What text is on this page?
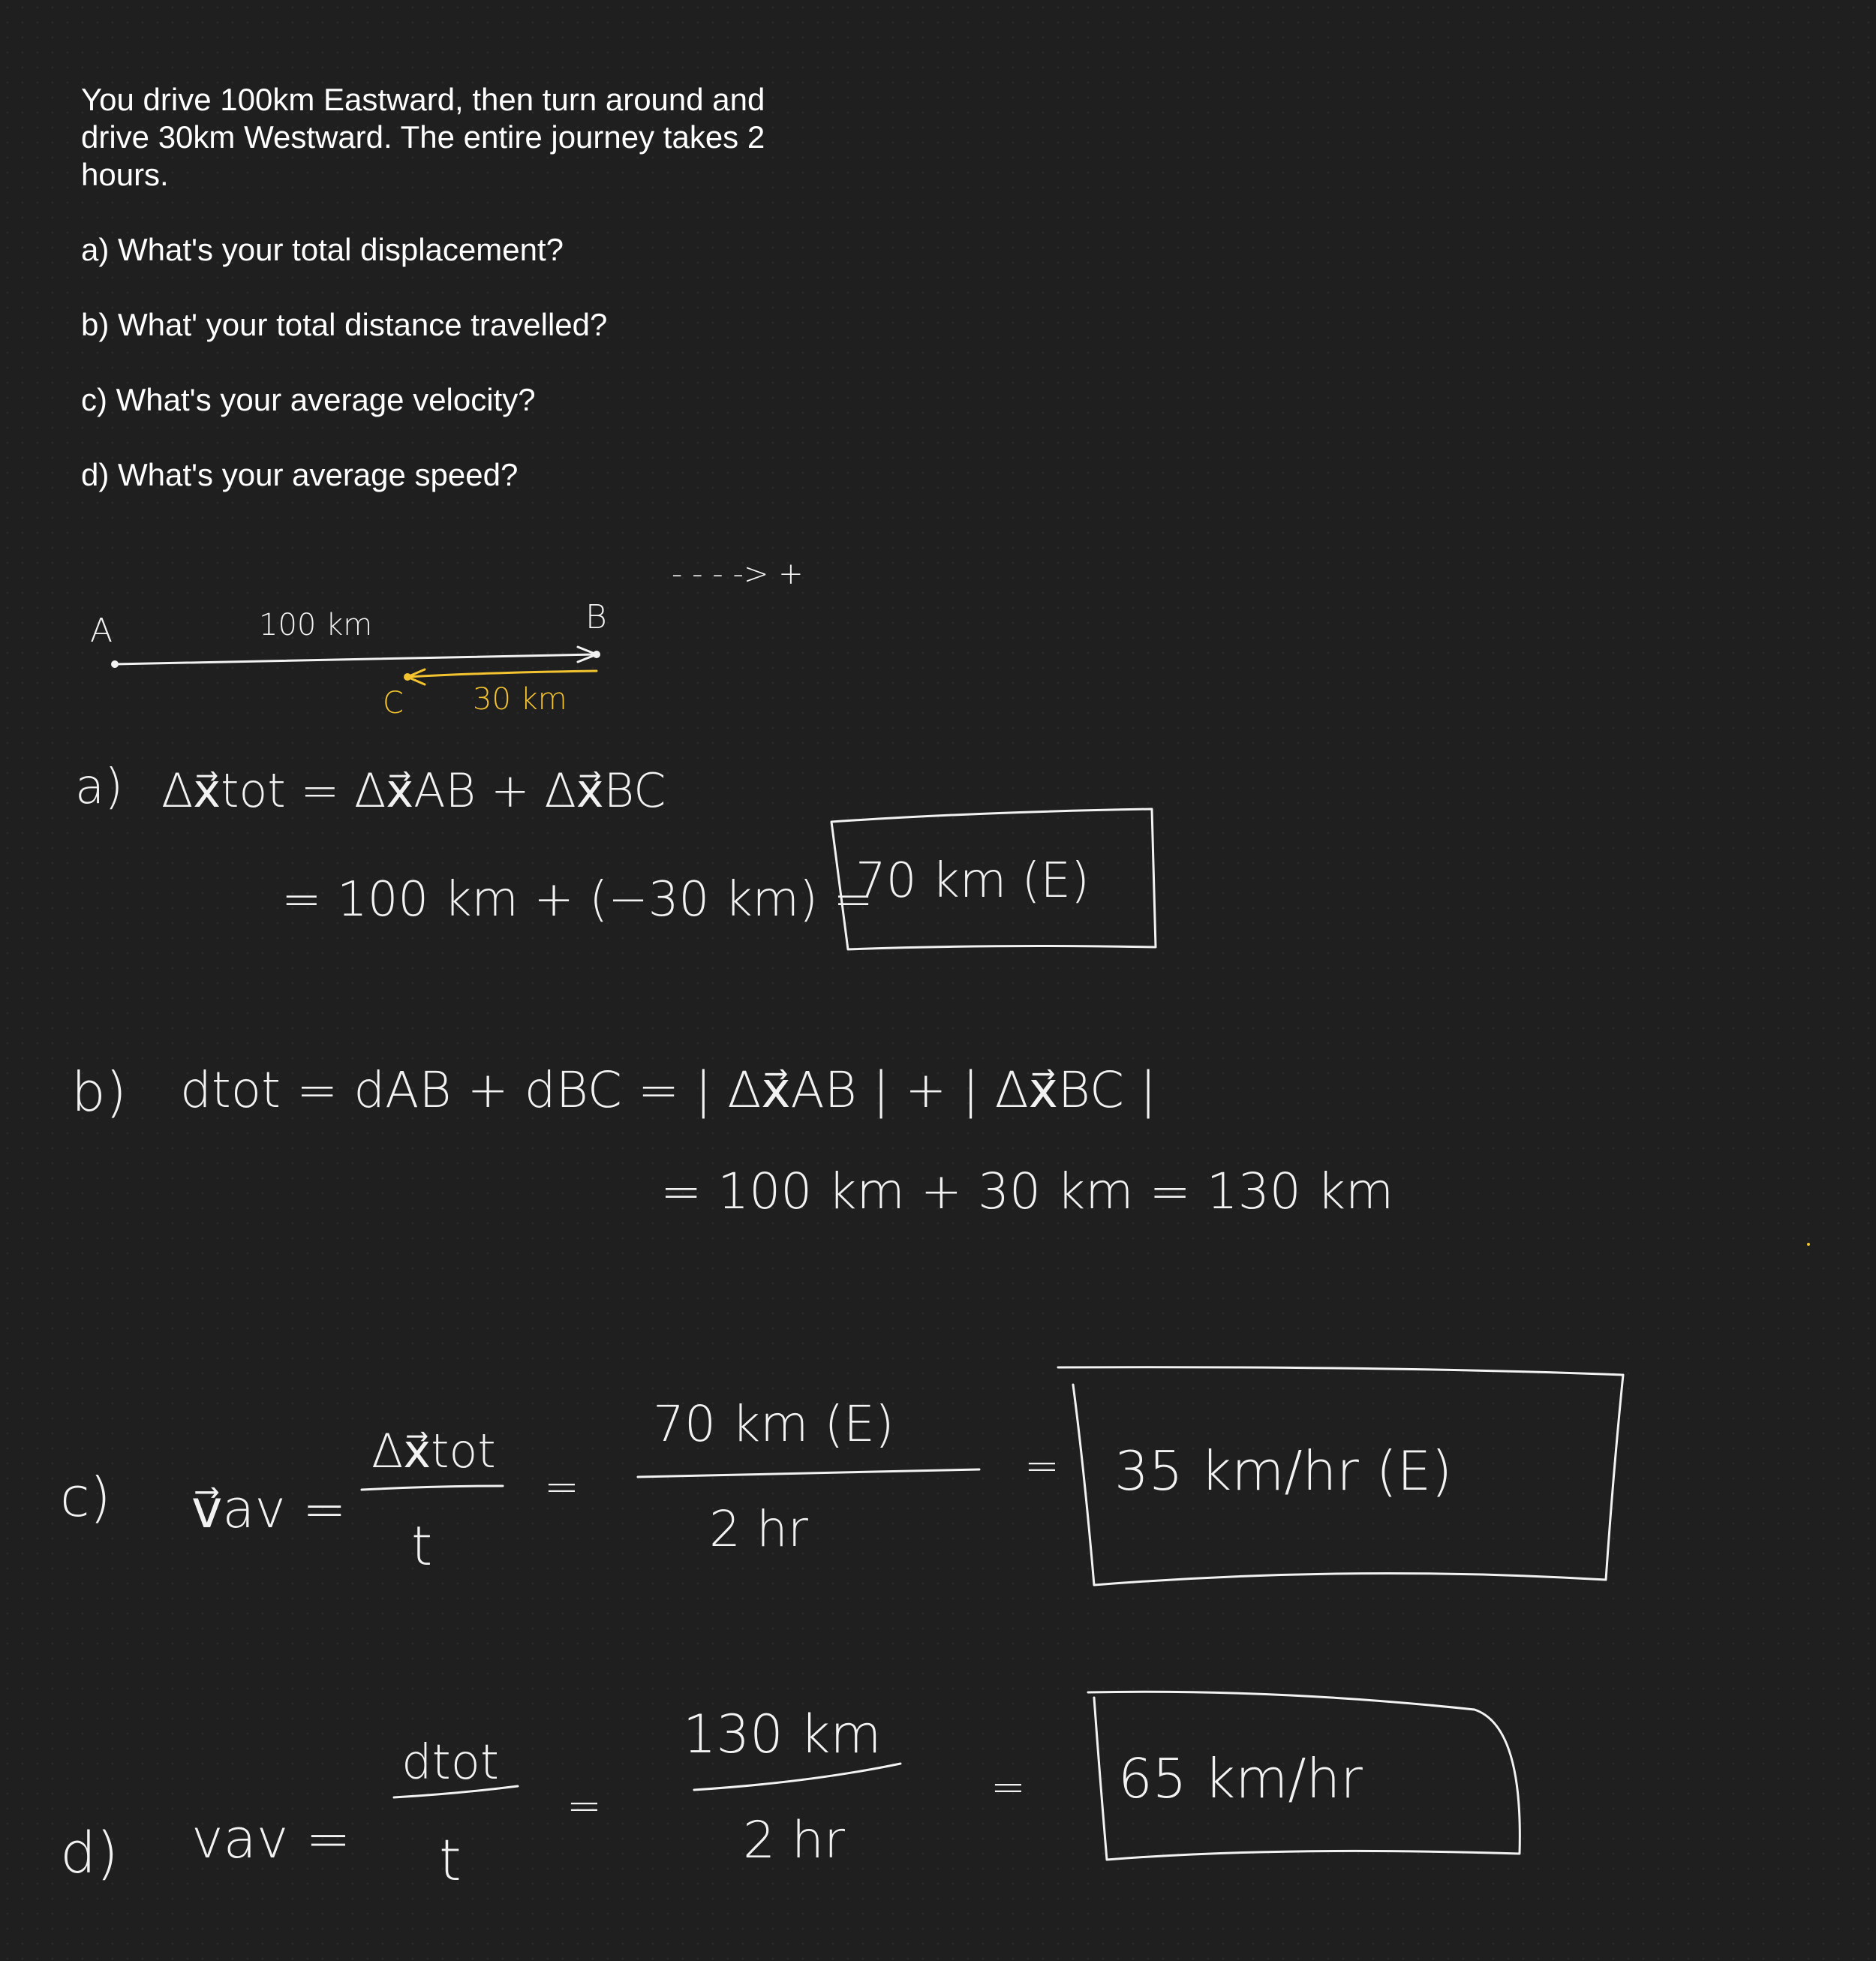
You drive 100km Eastward, then turn around and drive 30km Westward. The entire journey takes 2 hours.

a) What's your total displacement?

b) What' your total distance travelled?

c) What's your average velocity?

d) What's your average speed?

- - - -> +
A	B
100 km
C 30 km
a) Δx⃗tot = Δx⃗AB + Δx⃗BC
= 100 km + (−30 km) =
70 km (E)
b) dtot = dAB + dBC = | Δx⃗AB | + | Δx⃗BC |
= 100 km + 30 km = 130 km
c) v⃗av =
Δx⃗tot
t
=
70 km (E)
2 hr
= 35 km/hr (E)
d) vav =
dtot
t
=
130 km
2 hr
= 65 km/hr
